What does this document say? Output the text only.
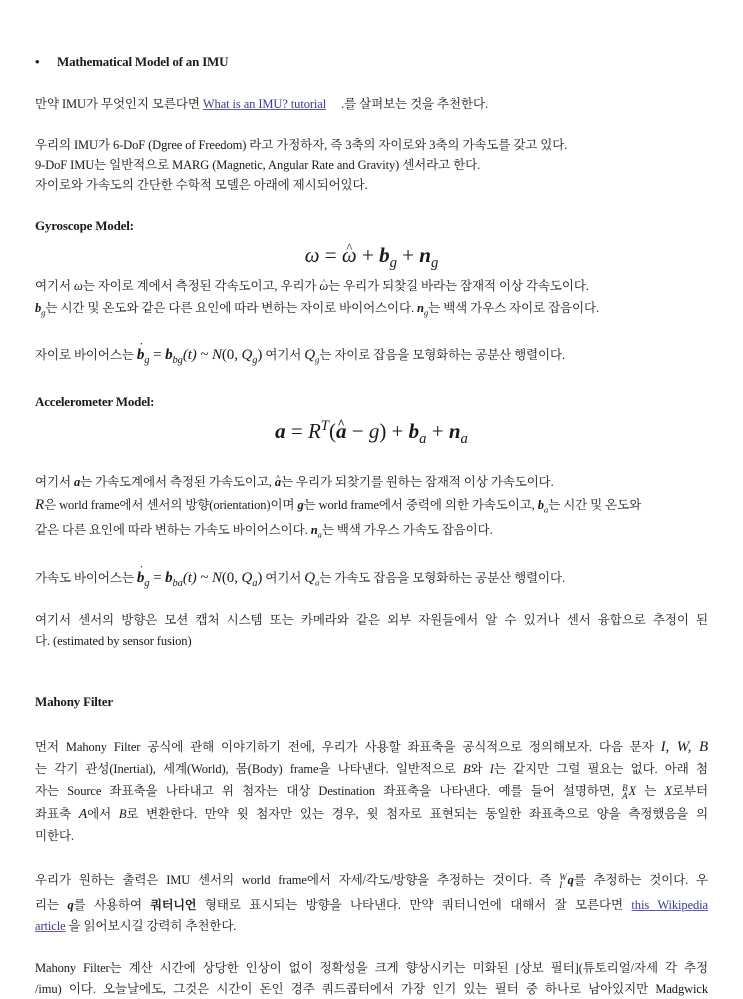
• Mathematical Model of an IMU
만약 IMU가 무엇인지 모른다면 What is an IMU? tutorial .를 살펴보는 것을 추천한다.
우리의 IMU가 6-DoF (Dgree of Freedom) 라고 가정하자, 즉 3축의 자이로와 3축의 가속도를 갖고 있다.
9-DoF IMU는 일반적으로 MARG (Magnetic, Angular Rate and Gravity) 센서라고 한다.
자이로와 가속도의 간단한 수학적 모델은 아래에 제시되어있다.
Gyroscope Model:
ω = ^ $\omega + b_g + n_g$
여기서 ω는 자이로 계에서 측정된 각속도이고, 우리가 ^ ω는 우리가 되찾길 바라는 잠재적 이상 각속도이다.
$b_g$는 시간 및 온도와 같은 다른 요인에 따라 변하는 자이로 바이어스이다. $n_g$는 백색 가우스 자이로 잡음이다.
자이로 바이어스는 ˙ $b_g = b_{bg}(t)$ ~ N(0, $Q_g$) 여기서 $Q_g$는 자이로 잡음을 모형화하는 공분산 행렬이다.
Accelerometer Model:
$a = R^T(\^{}$ $a - g) + b_a + n_a$
여기서 a는 가속도계에서 측정된 가속도이고, ^ a는 우리가 되찾기를 원하는 잠재적 이상 가속도이다.
R은 world frame에서 센서의 방향(orientation)이며 g는 world frame에서 중력에 의한 가속도이고, $b_a$는 시간 및 온도와
같은 다른 요인에 따라 변하는 가속도 바이어스이다. $n_a$는 백색 가우스 가속도 잡음이다.
가속도 바이어스는 ˙ $b_g = b_{ba}(t)$ ~ N(0, $Q_a$) 여기서 $Q_a$는 가속도 잡음을 모형화하는 공분산 행렬이다.
여기서 센서의 방향은 모션 캡처 시스템 또는 카메라와 같은 외부 자원들에서 알 수 있거나 센서 융합으로 추정이 된
다. (estimated by sensor fusion)
Mahony Filter
먼저 Mahony Filter 공식에 관해 이야기하기 전에, 우리가 사용할 좌표축을 공식적으로 정의해보자. 다음 문자 I, W, B
는 각기 관성(Inertial), 세계(World), 몸(Body) frame을 나타낸다. 일반적으로 B와 I는 같지만 그럴 필요는 없다. 아래 첨
자는 Source 좌표축을 나타내고 위 첨자는 대상 Destination 좌표축을 나타낸다. 예를 들어 설명하면, B
A X 는 X로부터
좌표축 A에서 B로 변환한다. 만약 윗 첨자만 있는 경우, 윗 첨자로 표현되는 동일한 좌표축으로 양을 측정했음을 의
미한다.
우리가 원하는 출력은 IMU 센서의 world frame에서 자세/각도/방향을 추정하는 것이다. 즉 W
I q를 추정하는 것이다. 우
리는 q를 사용하여 쿼터니언 형태로 표시되는 방향을 나타낸다. 만약 쿼터니언에 대해서 잘 모른다면 this Wikipedia
article 을 읽어보시길 강력히 추천한다.
Mahony Filter는 계산 시간에 상당한 인상이 없이 정확성을 크게 향상시키는 미화된 [상보 필터](튜토리얼/자세 각 추정
/imu) 이다. 오늘날에도, 그것은 시간이 돈인 경주 쿼드콥터에서 가장 인기 있는 필터 중 하나로 남아있지만 Madgwick
